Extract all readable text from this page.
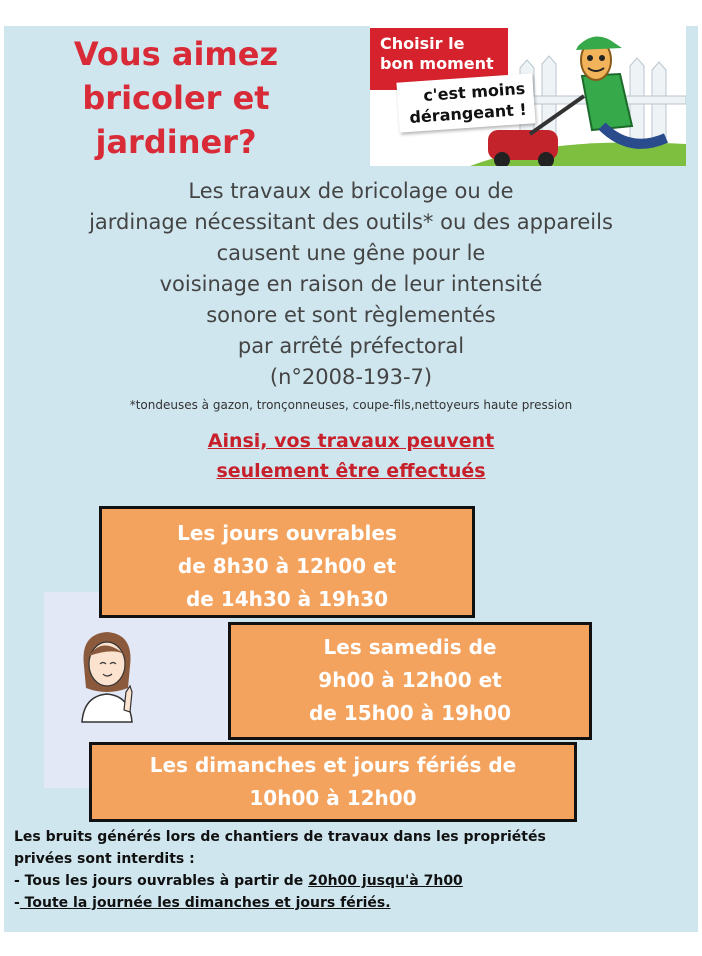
Vous aimez
bricoler et
jardiner?
Choisir le
bon moment
c'est moins
dérangeant !
Les travaux de bricolage ou de
jardinage nécessitant des outils* ou des appareils
causent une gêne pour le
voisinage en raison de leur intensité
sonore et sont règlementés
par arrêté préfectoral
(n°2008-193-7)
*tondeuses à gazon, tronçonneuses, coupe-fils,nettoyeurs haute pression
Ainsi, vos travaux peuvent
seulement être effectués
Les jours ouvrables
de 8h30 à 12h00 et
de 14h30 à 19h30
Les samedis de
9h00 à 12h00 et
de 15h00 à 19h00
Les dimanches et jours fériés de
10h00 à 12h00
Les bruits générés lors de chantiers de travaux dans les propriétés
privées sont interdits :
- Tous les jours ouvrables à partir de 20h00 jusqu'à 7h00
- Toute la journée les dimanches et jours fériés.
